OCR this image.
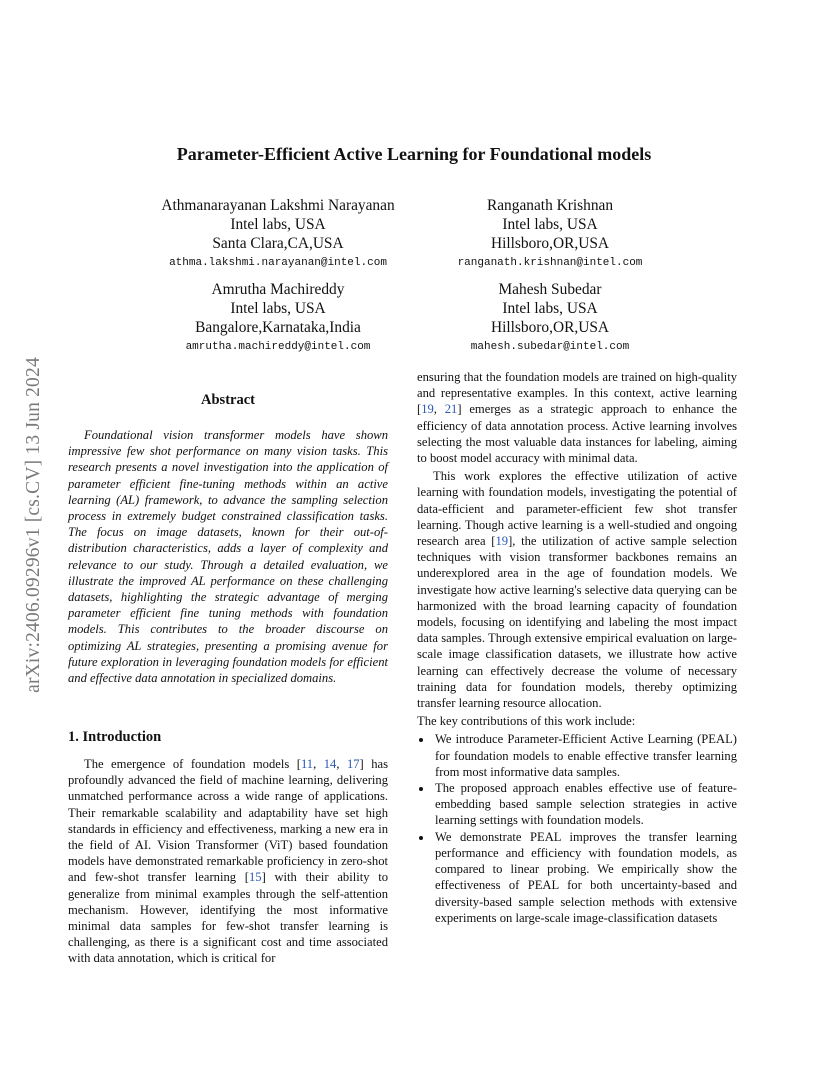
arXiv:2406.09296v1 [cs.CV] 13 Jun 2024
Parameter-Efficient Active Learning for Foundational models
Athmanarayanan Lakshmi Narayanan
Intel labs, USA
Santa Clara,CA,USA
athma.lakshmi.narayanan@intel.com
Ranganath Krishnan
Intel labs, USA
Hillsboro,OR,USA
ranganath.krishnan@intel.com
Amrutha Machireddy
Intel labs, USA
Bangalore,Karnataka,India
amrutha.machireddy@intel.com
Mahesh Subedar
Intel labs, USA
Hillsboro,OR,USA
mahesh.subedar@intel.com
Abstract

Foundational vision transformer models have shown impressive few shot performance on many vision tasks. This research presents a novel investigation into the application of parameter efficient fine-tuning methods within an active learning (AL) framework, to advance the sampling selection process in extremely budget constrained classification tasks. The focus on image datasets, known for their out-of-distribution characteristics, adds a layer of complexity and relevance to our study. Through a detailed evaluation, we illustrate the improved AL performance on these challenging datasets, highlighting the strategic advantage of merging parameter efficient fine tuning methods with foundation models. This contributes to the broader discourse on optimizing AL strategies, presenting a promising avenue for future exploration in leveraging foundation models for efficient and effective data annotation in specialized domains.

1. Introduction

The emergence of foundation models [11, 14, 17] has profoundly advanced the field of machine learning, delivering unmatched performance across a wide range of applications. Their remarkable scalability and adaptability have set high standards in efficiency and effectiveness, marking a new era in the field of AI. Vision Transformer (ViT) based foundation models have demonstrated remarkable proficiency in zero-shot and few-shot transfer learning [15] with their ability to generalize from minimal examples through the self-attention mechanism. However, identifying the most informative minimal data samples for few-shot transfer learning is challenging, as there is a significant cost and time associated with data annotation, which is critical for

ensuring that the foundation models are trained on high-quality and representative examples. In this context, active learning [19, 21] emerges as a strategic approach to enhance the efficiency of data annotation process. Active learning involves selecting the most valuable data instances for labeling, aiming to boost model accuracy with minimal data.

This work explores the effective utilization of active learning with foundation models, investigating the potential of data-efficient and parameter-efficient few shot transfer learning. Though active learning is a well-studied and ongoing research area [19], the utilization of active sample selection techniques with vision transformer backbones remains an underexplored area in the age of foundation models. We investigate how active learning's selective data querying can be harmonized with the broad learning capacity of foundation models, focusing on identifying and labeling the most impact data samples. Through extensive empirical evaluation on large-scale image classification datasets, we illustrate how active learning can effectively decrease the volume of necessary training data for foundation models, thereby optimizing transfer learning resource allocation.

The key contributions of this work include:

• We introduce Parameter-Efficient Active Learning (PEAL) for foundation models to enable effective transfer learning from most informative data samples.
• The proposed approach enables effective use of feature-embedding based sample selection strategies in active learning settings with foundation models.
• We demonstrate PEAL improves the transfer learning performance and efficiency with foundation models, as compared to linear probing. We empirically show the effectiveness of PEAL for both uncertainty-based and diversity-based sample selection methods with extensive experiments on large-scale image-classification datasets
